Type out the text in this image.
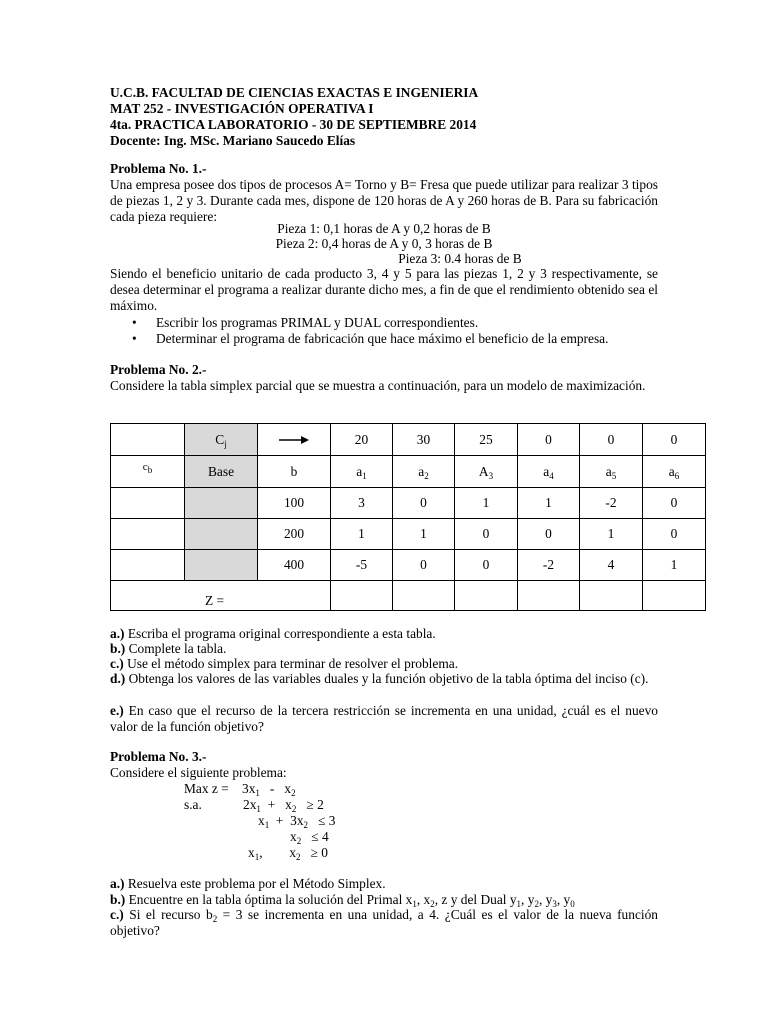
U.C.B. FACULTAD DE CIENCIAS EXACTAS E INGENIERIA
MAT 252 - INVESTIGACIÓN OPERATIVA I
4ta. PRACTICA LABORATORIO - 30 DE SEPTIEMBRE 2014
Docente: Ing. MSc. Mariano Saucedo Elías
Problema No. 1.-
Una empresa posee dos tipos de procesos A= Torno y B= Fresa que puede utilizar para realizar 3 tipos de piezas 1, 2 y 3. Durante cada mes, dispone de 120 horas de A y 260 horas de B. Para su fabricación cada pieza requiere:
Pieza 1: 0,1 horas de A y 0,2 horas de B
Pieza 2: 0,4 horas de A y 0, 3 horas de B
Pieza 3: 0.4 horas de B
Siendo el beneficio unitario de cada producto 3, 4 y 5 para las piezas 1, 2 y 3 respectivamente, se desea determinar el programa a realizar durante dicho mes, a fin de que el rendimiento obtenido sea el máximo.
• Escribir los programas PRIMAL y DUAL correspondientes.
• Determinar el programa de fabricación que hace máximo el beneficio de la empresa.
Problema No. 2.-
Considere la tabla simplex parcial que se muestra a continuación, para un modelo de maximización.
	$C_j$		20	30	25	0	0	0
$c_b$	Base	b	$a_1$	$a_2$	$A_3$	$a_4$	$a_5$	$a_6$
		100	3	0	1	1	-2	0
		200	1	1	0	0	1	0
		400	-5	0	0	-2	4	1
Z =								
a.) Escriba el programa original correspondiente a esta tabla.
b.) Complete la tabla.
c.) Use el método simplex para terminar de resolver el problema.
d.) Obtenga los valores de las variables duales y la función objetivo de la tabla óptima del inciso (c).
e.) En caso que el recurso de la tercera restricción se incrementa en una unidad, ¿cuál es el nuevo valor de la función objetivo?
Problema No. 3.-
Considere el siguiente problema:
Max $z = 3x_1 - x_2$
s.a.	$2x_1 + x_2 \ge 2$
$x_1 + 3x_2 \le 3$
$x_2 \le 4$
$x_1$,        $x_2 \ge 0$
a.) Resuelva este problema por el Método Simplex.
b.) Encuentre en la tabla óptima la solución del Primal $x_1$, $x_2$, z y del Dual $y_1$, $y_2$, $y_3$, $y_0$
c.) Si el recurso $b_2 = 3$ se incrementa en una unidad, a 4. ¿Cuál es el valor de la nueva función objetivo?
